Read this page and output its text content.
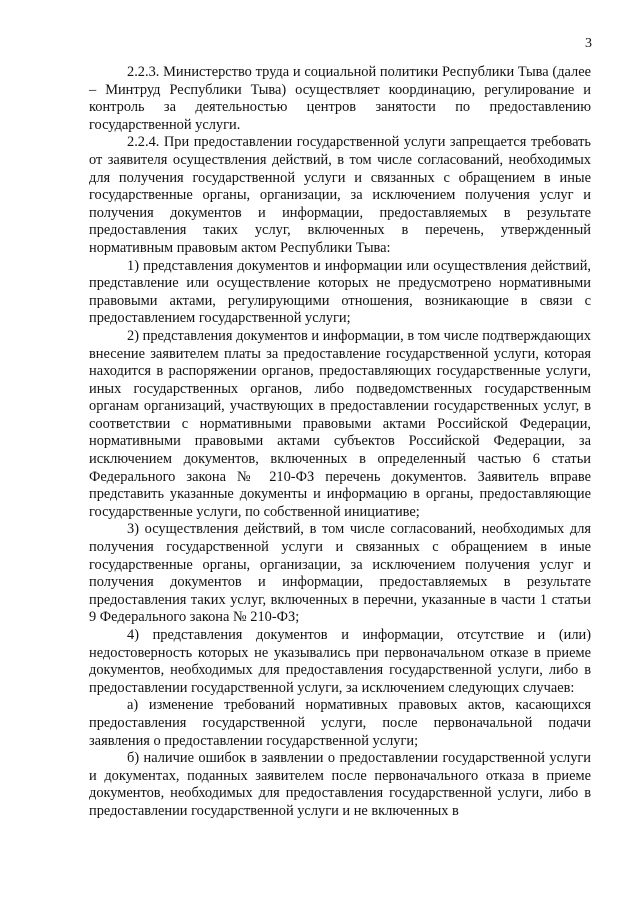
3

2.2.3. Министерство труда и социальной политики Республики Тыва (далее – Минтруд Республики Тыва) осуществляет координацию, регулирование и контроль за деятельностью центров занятости по предоставлению государственной услуги.

2.2.4. При предоставлении государственной услуги запрещается требовать от заявителя осуществления действий, в том числе согласований, необходимых для получения государственной услуги и связанных с обращением в иные государственные органы, организации, за исключением получения услуг и получения документов и информации, предоставляемых в результате предоставления таких услуг, включенных в перечень, утвержденный нормативным правовым актом Республики Тыва:

1) представления документов и информации или осуществления действий, представление или осуществление которых не предусмотрено нормативными правовыми актами, регулирующими отношения, возникающие в связи с предоставлением государственной услуги;

2) представления документов и информации, в том числе подтверждающих внесение заявителем платы за предоставление государственной услуги, которая находится в распоряжении органов, предоставляющих государственные услуги, иных государственных органов, либо подведомственных государственным органам организаций, участвующих в предоставлении государственных услуг, в соответствии с нормативными правовыми актами Российской Федерации, нормативными правовыми актами субъектов Российской Федерации, за исключением документов, включенных в определенный частью 6 статьи Федерального закона № 210-ФЗ перечень документов. Заявитель вправе представить указанные документы и информацию в органы, предоставляющие государственные услуги, по собственной инициативе;

3) осуществления действий, в том числе согласований, необходимых для получения государственной услуги и связанных с обращением в иные государственные органы, организации, за исключением получения услуг и получения документов и информации, предоставляемых в результате предоставления таких услуг, включенных в перечни, указанные в части 1 статьи 9 Федерального закона № 210-ФЗ;

4) представления документов и информации, отсутствие и (или) недостоверность которых не указывались при первоначальном отказе в приеме документов, необходимых для предоставления государственной услуги, либо в предоставлении государственной услуги, за исключением следующих случаев:

а) изменение требований нормативных правовых актов, касающихся предоставления государственной услуги, после первоначальной подачи заявления о предоставлении государственной услуги;

б) наличие ошибок в заявлении о предоставлении государственной услуги и документах, поданных заявителем после первоначального отказа в приеме документов, необходимых для предоставления государственной услуги, либо в предоставлении государственной услуги и не включенных в
